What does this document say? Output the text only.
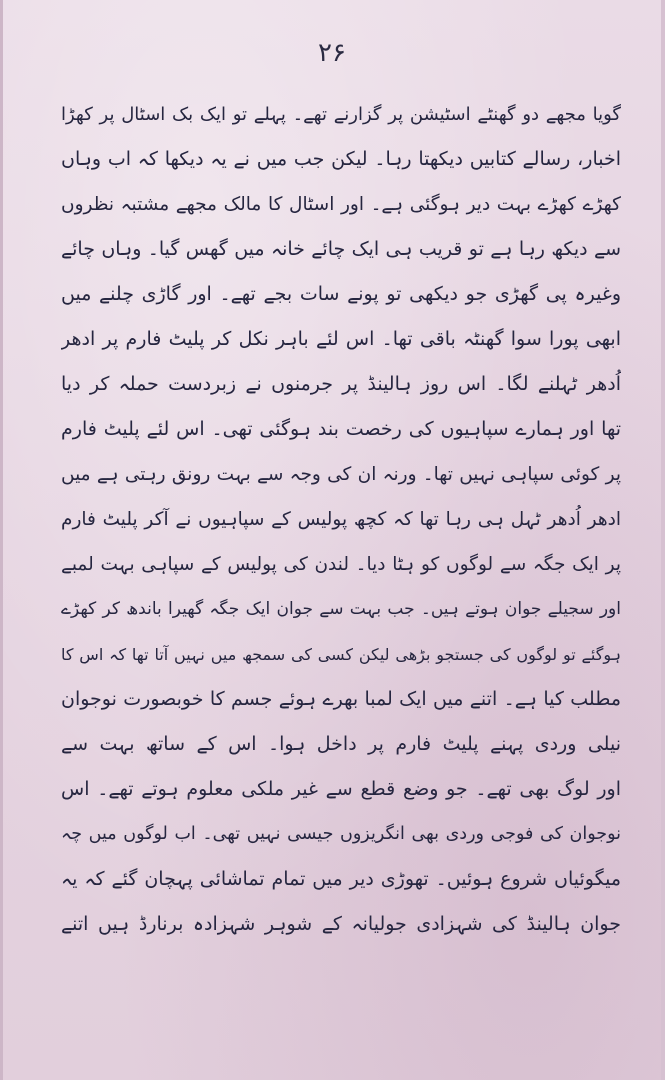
۲۶
گویا مجھے دو گھنٹے اسٹیشن پر گزارنے تھے۔ پہلے تو ایک بک اسٹال پر کھڑا
اخبار، رسالے کتابیں دیکھتا رہا۔ لیکن جب میں نے یہ دیکھا کہ اب وہاں
کھڑے کھڑے بہت دیر ہوگئی ہے۔ اور اسٹال کا مالک مجھے مشتبہ نظروں
سے دیکھ رہا ہے تو قریب ہی ایک چائے خانہ میں گھس گیا۔ وہاں چائے
وغیرہ پی گھڑی جو دیکھی تو پونے سات بجے تھے۔ اور گاڑی چلنے میں
ابھی پورا سوا گھنٹہ باقی تھا۔ اس لئے باہر نکل کر پلیٹ فارم پر ادھر
اُدھر ٹہلنے لگا۔ اس روز ہالینڈ پر جرمنوں نے زبردست حملہ کر دیا
تھا اور ہمارے سپاہیوں کی رخصت بند ہوگئی تھی۔ اس لئے پلیٹ فارم
پر کوئی سپاہی نہیں تھا۔ ورنہ ان کی وجہ سے بہت رونق رہتی ہے میں
ادھر اُدھر ٹہل ہی رہا تھا کہ کچھ پولیس کے سپاہیوں نے آکر پلیٹ فارم
پر ایک جگہ سے لوگوں کو ہٹا دیا۔ لندن کی پولیس کے سپاہی بہت لمبے
اور سجیلے جوان ہوتے ہیں۔ جب بہت سے جوان ایک جگہ گھیرا باندھ کر کھڑے
ہوگئے تو لوگوں کی جستجو بڑھی لیکن کسی کی سمجھ میں نہیں آتا تھا کہ اس کا
مطلب کیا ہے۔ اتنے میں ایک لمبا بھرے ہوئے جسم کا خوبصورت نوجوان
نیلی وردی پہنے پلیٹ فارم پر داخل ہوا۔ اس کے ساتھ بہت سے
اور لوگ بھی تھے۔ جو وضع قطع سے غیر ملکی معلوم ہوتے تھے۔ اس
نوجوان کی فوجی وردی بھی انگریزوں جیسی نہیں تھی۔ اب لوگوں میں چہ
میگوئیاں شروع ہوئیں۔ تھوڑی دیر میں تمام تماشائی پہچان گئے کہ یہ
جوان ہالینڈ کی شہزادی جولیانہ کے شوہر شہزادہ برنارڈ ہیں اتنے
